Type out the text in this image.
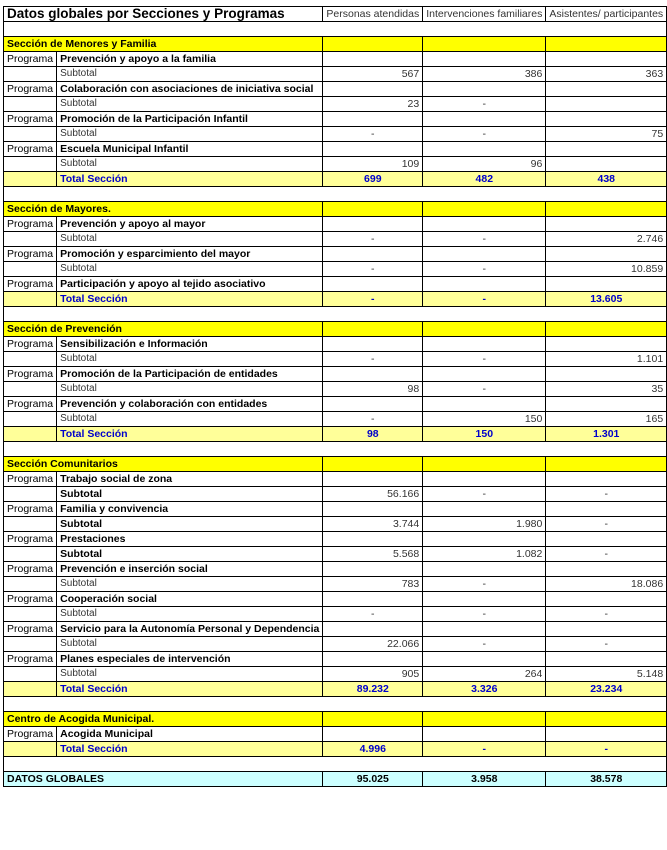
Datos globales por Secciones y Programas		Personas atendidas	Intervenciones familiares	Asistentes/ participantes

Sección de Menores y Familia				
Programa	Prevención y apoyo a la familia			
	Subtotal	567	386	363
Programa	Colaboración con asociaciones de iniciativa social			
	Subtotal	23	-	
Programa	Promoción de la Participación Infantil			
	Subtotal	-	-	75
Programa	Escuela Municipal Infantil			
	Subtotal	109	96	
	Total Sección	699	482	438

Sección de Mayores.				
Programa	Prevención y apoyo al mayor			
	Subtotal	-	-	2.746
Programa	Promoción y esparcimiento del mayor			
	Subtotal	-	-	10.859
Programa	Participación y apoyo al tejido asociativo			
	Total Sección	-	-	13.605

Sección de Prevención				
Programa	Sensibilización e Información			
	Subtotal	-	-	1.101
Programa	Promoción de la Participación de entidades			
	Subtotal	98	-	35
Programa	Prevención y colaboración con entidades			
	Subtotal	-	150	165
	Total Sección	98	150	1.301

Sección Comunitarios				
Programa	Trabajo social de zona			
	Subtotal	56.166	-	-
Programa	Familia y convivencia			
	Subtotal	3.744	1.980	-
Programa	Prestaciones			
	Subtotal	5.568	1.082	-
Programa	Prevención e inserción social			
	Subtotal	783	-	18.086
Programa	Cooperación social			
	Subtotal	-	-	-
Programa	Servicio para la Autonomía Personal y Dependencia			
	Subtotal	22.066	-	-
Programa	Planes especiales de intervención			
	Subtotal	905	264	5.148
	Total Sección	89.232	3.326	23.234

Centro de Acogida Municipal.				
Programa	Acogida Municipal			
	Total Sección	4.996	-	-

DATOS GLOBALES		95.025	3.958	38.578
